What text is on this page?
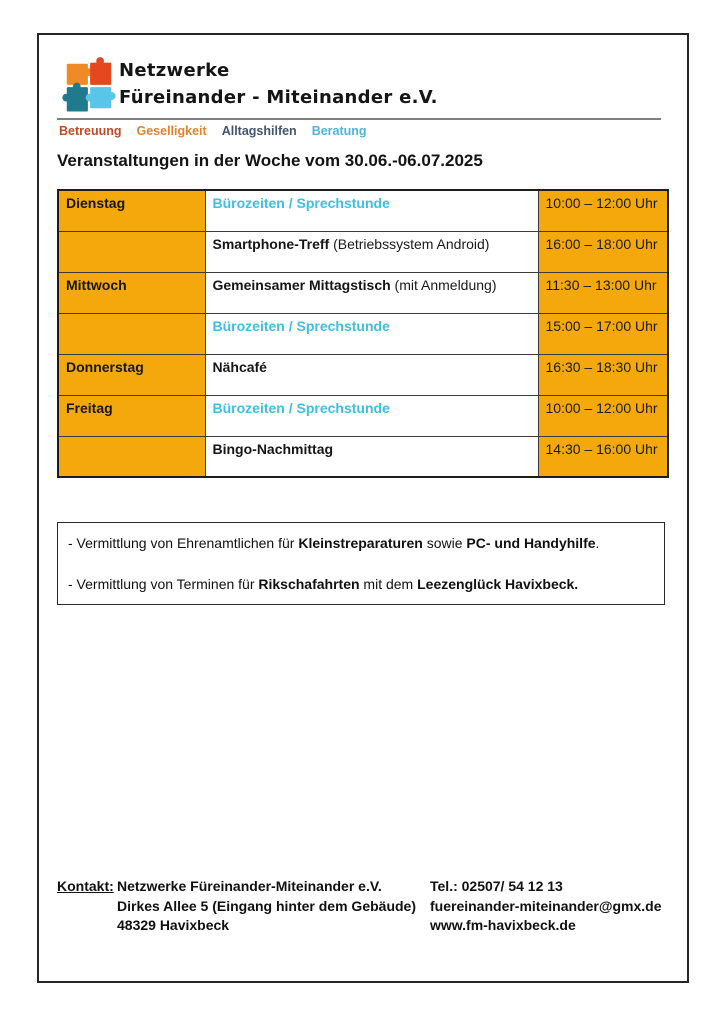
Netzwerke
Füreinander - Miteinander e.V.
Betreuung Geselligkeit Alltagshilfen Beratung
Veranstaltungen in der Woche vom 30.06.-06.07.2025
Dienstag	Bürozeiten / Sprechstunde	10:00 – 12:00 Uhr
	Smartphone-Treff (Betriebssystem Android)	16:00 – 18:00 Uhr
Mittwoch	Gemeinsamer Mittagstisch (mit Anmeldung)	11:30 – 13:00 Uhr
	Bürozeiten / Sprechstunde	15:00 – 17:00 Uhr
Donnerstag	Nähcafé	16:30 – 18:30 Uhr
Freitag	Bürozeiten / Sprechstunde	10:00 – 12:00 Uhr
	Bingo-Nachmittag	14:30 – 16:00 Uhr

- Vermittlung von Ehrenamtlichen für Kleinstreparaturen sowie PC- und Handyhilfe.

- Vermittlung von Terminen für Rikschafahrten mit dem Leezenglück Havixbeck.

Kontakt: Netzwerke Füreinander-Miteinander e.V.
Dirkes Allee 5 (Eingang hinter dem Gebäude)
48329 Havixbeck
Tel.: 02507/ 54 12 13
fuereinander-miteinander@gmx.de
www.fm-havixbeck.de
